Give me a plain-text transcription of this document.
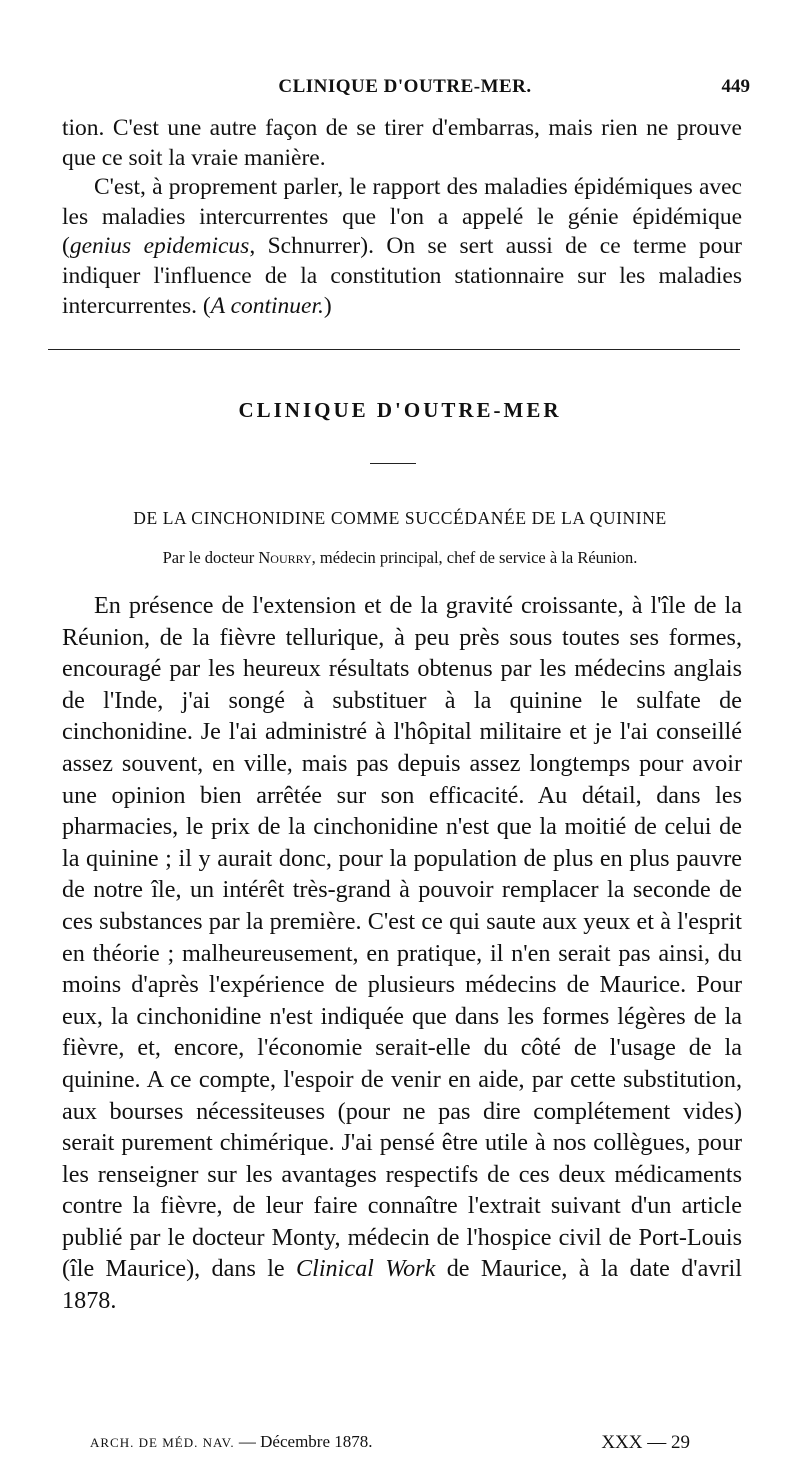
CLINIQUE D'OUTRE-MER.	449

tion. C'est une autre façon de se tirer d'embarras, mais rien ne prouve que ce soit la vraie manière.

C'est, à proprement parler, le rapport des maladies épidémiques avec les maladies intercurrentes que l'on a appelé le génie épidémique (genius epidemicus, Schnurrer). On se sert aussi de ce terme pour indiquer l'influence de la constitution stationnaire sur les maladies intercurrentes. (A continuer.)

CLINIQUE D'OUTRE-MER
DE LA CINCHONIDINE COMME SUCCÉDANÉE DE LA QUININE
Par le docteur Nourry, médecin principal, chef de service à la Réunion.

En présence de l'extension et de la gravité croissante, à l'île de la Réunion, de la fièvre tellurique, à peu près sous toutes ses formes, encouragé par les heureux résultats obtenus par les médecins anglais de l'Inde, j'ai songé à substituer à la quinine le sulfate de cinchonidine. Je l'ai administré à l'hôpital militaire et je l'ai conseillé assez souvent, en ville, mais pas depuis assez longtemps pour avoir une opinion bien arrêtée sur son efficacité. Au détail, dans les pharmacies, le prix de la cinchonidine n'est que la moitié de celui de la quinine ; il y aurait donc, pour la population de plus en plus pauvre de notre île, un intérêt très-grand à pouvoir remplacer la seconde de ces substances par la première. C'est ce qui saute aux yeux et à l'esprit en théorie ; malheureusement, en pratique, il n'en serait pas ainsi, du moins d'après l'expérience de plusieurs médecins de Maurice. Pour eux, la cinchonidine n'est indiquée que dans les formes légères de la fièvre, et, encore, l'économie serait-elle du côté de l'usage de la quinine. A ce compte, l'espoir de venir en aide, par cette substitution, aux bourses nécessiteuses (pour ne pas dire complétement vides) serait purement chimérique. J'ai pensé être utile à nos collègues, pour les renseigner sur les avantages respectifs de ces deux médicaments contre la fièvre, de leur faire connaître l'extrait suivant d'un article publié par le docteur Monty, médecin de l'hospice civil de Port-Louis (île Maurice), dans le Clinical Work de Maurice, à la date d'avril 1878.

ARCH. DE MÉD. NAV. — Décembre 1878.	XXX — 29
